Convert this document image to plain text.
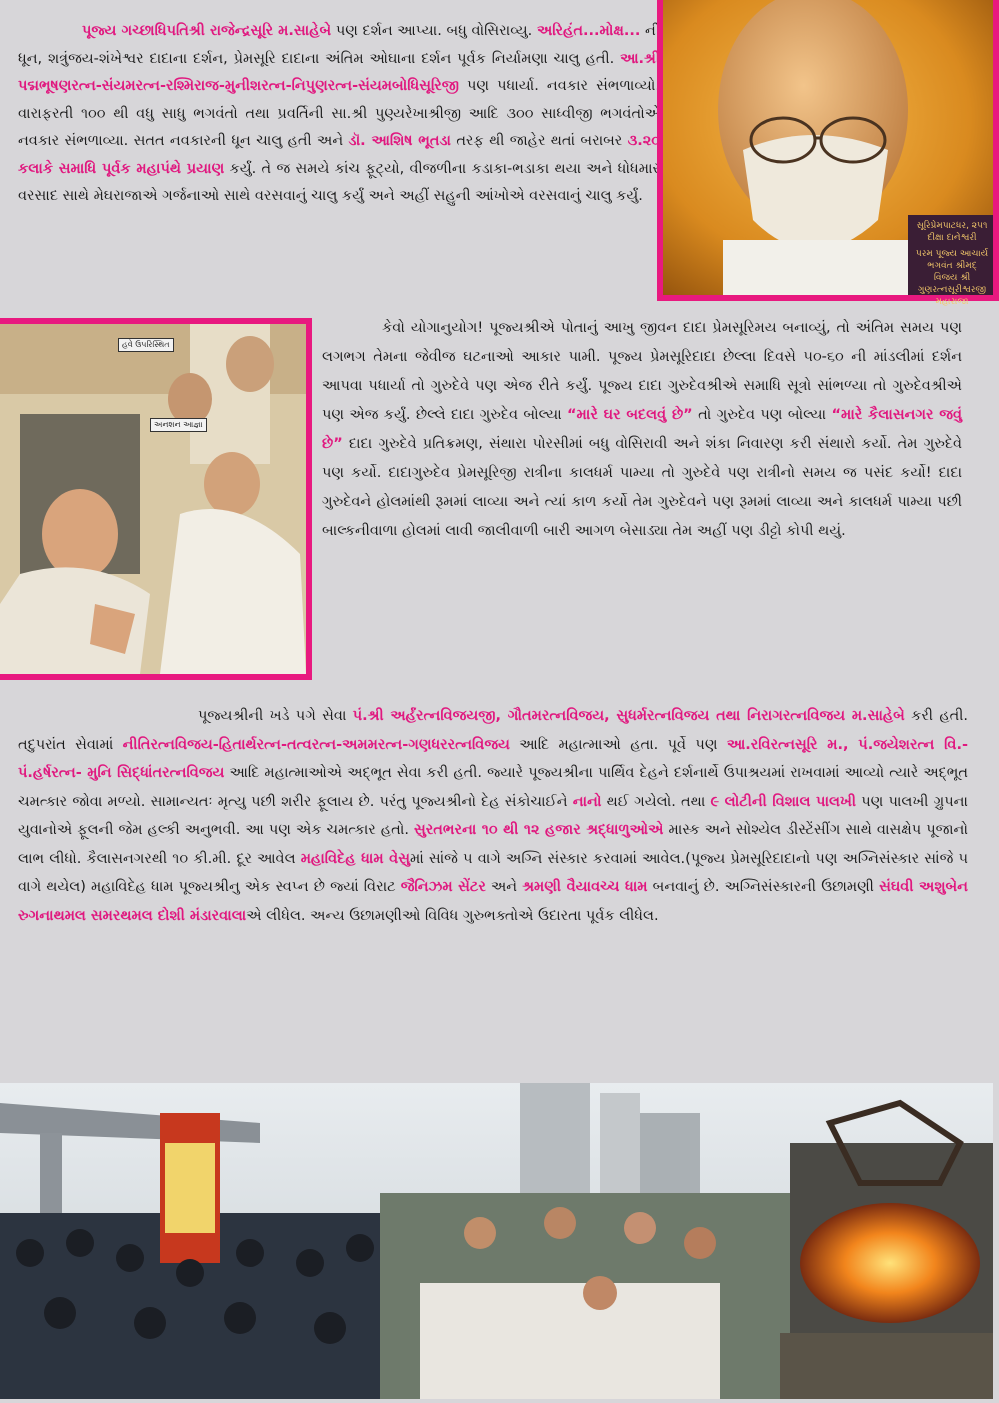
પૂજ્ય ગચ્છાધિપતિશ્રી રાજેન્દ્રસૂરિ મ.સાહેબે પણ દર્શન આપ્યા. બધુ વોસિરાવ્યુ. અરિહંત...મોક્ષ... ની ધૂન, શત્રુંજય-શંખેશ્વર દાદાના દર્શન, પ્રેમસૂરિ દાદાના અંતિમ ઓઘાના દર્શન પૂર્વક નિર્યામણા ચાલુ હતી. આ.શ્રી પદ્મભૂષણરત્ન-સંયમરત્ન-રશ્મિરાજ-મુનીશરત્ન-નિપુણરત્ન-સંયમબોધિસૂરિજી પણ પધાર્યા. નવકાર સંભળાવ્યો. વારાફરતી ૧૦૦ થી વધુ સાધુ ભગવંતો તથા પ્રવર્તિની સા.શ્રી પુણ્યરેખાશ્રીજી આદિ ૩૦૦ સાધ્વીજી ભગવંતોએ નવકાર સંભળાવ્યા. સતત નવકારની ધૂન ચાલુ હતી અને ડૉ. આશિષ ભૂતડા તરફ થી જાહેર થતાં બરાબર ૩.૨૦ કલાકે સમાધિ પૂર્વક મહાપંથે પ્રયાણ કર્યું. તે જ સમયે કાંચ ફૂટ્યો, વીજળીના કડાકા-ભડાકા થયા અને ધોધમાર વરસાદ સાથે મેઘરાજાએ ગર્જનાઓ સાથે વરસવાનું ચાલુ કર્યું અને અહીં સહુની આંખોએ વરસવાનું ચાલુ કર્યું.
સૂરિપ્રેમપાટધર, ૨૫૧ દીક્ષા દાનેશ્વરી
પરમ પૂજ્ય આચાર્ય ભગવંત શ્રીમદ્
વિજય શ્રી ગુણરત્નસૂરીશ્વરજી મહારાજા
હવે ઉપરિસ્થિત
અનશન આજ્ઞા
કેવો યોગાનુયોગ! પૂજ્યશ્રીએ પોતાનું આખુ જીવન દાદા પ્રેમસૂરિમય બનાવ્યું, તો અંતિમ સમય પણ લગભગ તેમના જેવીજ ઘટનાઓ આકાર પામી. પૂજ્ય પ્રેમસૂરિદાદા છેલ્લા દિવસે ૫૦-૬૦ ની માંડલીમાં દર્શન આપવા પધાર્યા તો ગુરુદેવે પણ એજ રીતે કર્યું. પૂજ્ય દાદા ગુરુદેવશ્રીએ સમાધિ સૂત્રો સાંભળ્યા તો ગુરુદેવશ્રીએ પણ એજ કર્યું. છેલ્લે દાદા ગુરુદેવ બોલ્યા “મારે ઘર બદલવું છે” તો ગુરુદેવ પણ બોલ્યા “મારે કૈલાસનગર જવું છે” દાદા ગુરુદેવે પ્રતિક્રમણ, સંથારા પોરસીમાં બધુ વોસિરાવી અને શંકા નિવારણ કરી સંથારો કર્યો. તેમ ગુરુદેવે પણ કર્યો. દાદાગુરુદેવ પ્રેમસૂરિજી રાત્રીના કાલધર્મ પામ્યા તો ગુરુદેવે પણ રાત્રીનો સમય જ પસંદ કર્યો! દાદા ગુરુદેવને હોલમાંથી રૂમમાં લાવ્યા અને ત્યાં કાળ કર્યો તેમ ગુરુદેવને પણ રૂમમાં લાવ્યા અને કાલધર્મ પામ્યા પછી બાલ્કનીવાળા હોલમાં લાવી જાલીવાળી બારી આગળ બેસાડ્યા તેમ અહીં પણ ડીટ્ટો કોપી થયું.
પૂજ્યશ્રીની ખડે પગે સેવા પં.શ્રી અર્હંરત્નવિજયજી, ગૌતમરત્નવિજય, સુધર્મરત્નવિજય તથા નિરાગરત્નવિજય મ.સાહેબે કરી હતી. તદુપરાંત સેવામાં નીતિરત્નવિજય-હિતાર્થરત્ન-તત્વરત્ન-અમમરત્ન-ગણધરરત્નવિજય આદિ મહાત્માઓ હતા. પૂર્વે પણ આ.રવિરત્નસૂરિ મ., પં.જયેશરત્ન વિ.- પં.હર્ષરત્ન- મુનિ સિદ્ધાંતરત્નવિજય આદિ મહાત્માઓએ અદ્ભૂત સેવા કરી હતી. જ્યારે પૂજ્યશ્રીના પાર્થિવ દેહને દર્શનાર્થે ઉપાશ્રયમાં રાખવામાં આવ્યો ત્યારે અદ્ભૂત ચમત્કાર જોવા મળ્યો. સામાન્યતઃ મૃત્યુ પછી શરીર ફૂલાય છે. પરંતુ પૂજ્યશ્રીનો દેહ સંકોચાઈને નાનો થઈ ગયેલો. તથા ૯ લોટીની વિશાલ પાલખી પણ પાલખી ગ્રુપના યુવાનોએ ફૂલની જેમ હલ્કી અનુભવી. આ પણ એક ચમત્કાર હતો. સુરતભરના ૧૦ થી ૧૨ હજાર શ્રદ્ધાળુઓએ માસ્ક અને સોશ્યેલ ડીસ્ટેંસીંગ સાથે વાસક્ષેપ પૂજાનો લાભ લીધો. કૈલાસનગરથી ૧૦ કી.મી. દૂર આવેલ મહાવિદેહ ધામ વેસુમાં સાંજે ૫ વાગે અગ્નિ સંસ્કાર કરવામાં આવેલ.(પૂજ્ય પ્રેમસૂરિદાદાનો પણ અગ્નિસંસ્કાર સાંજે ૫ વાગે થયેલ) મહાવિદેહ ધામ પૂજ્યશ્રીનુ એક સ્વપ્ન છે જ્યાં વિરાટ જૈનિઝમ સેંટર અને શ્રમણી વૈયાવચ્ચ ધામ બનવાનું છે. અગ્નિસંસ્કારની ઉછામણી સંઘવી અશુબેન રુગનાથમલ સમરથમલ દોશી મંડારવાલાએ લીધેલ. અન્ય ઉછામણીઓ વિવિધ ગુરુભક્તોએ ઉદારતા પૂર્વક લીધેલ.
